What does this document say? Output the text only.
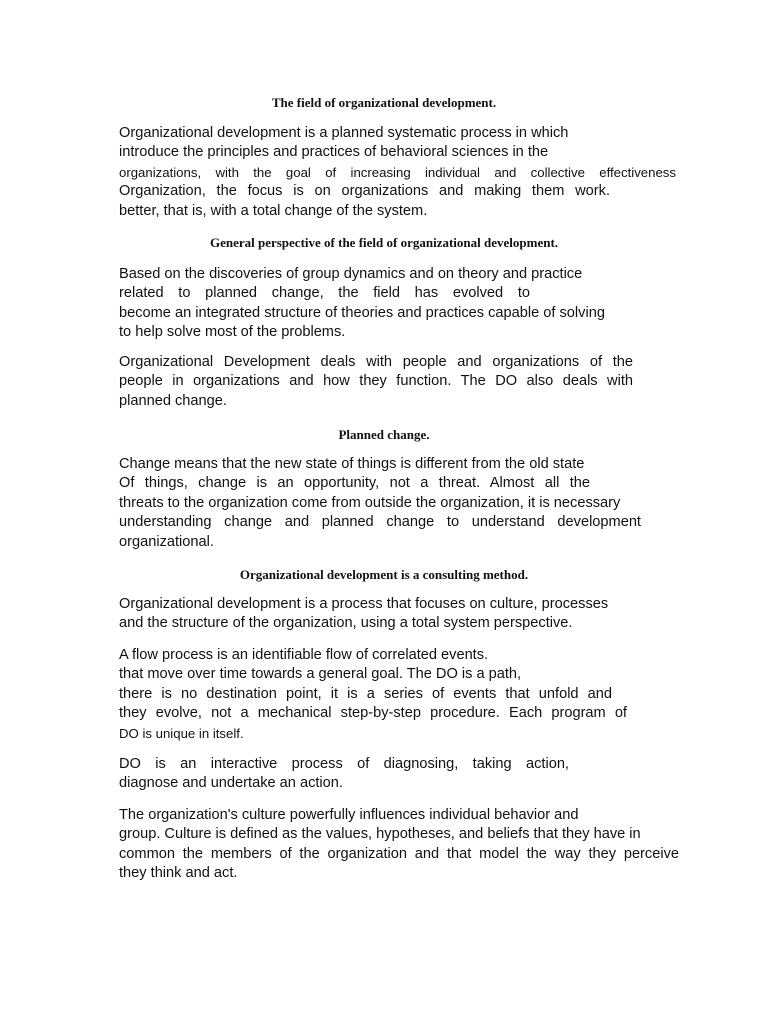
The field of organizational development.
Organizational development is a planned systematic process in which
introduce the principles and practices of behavioral sciences in the
organizations, with the goal of increasing individual and collective effectiveness
Organization, the focus is on organizations and making them work.
better, that is, with a total change of the system.
General perspective of the field of organizational development.
Based on the discoveries of group dynamics and on theory and practice
related to planned change, the field has evolved to
become an integrated structure of theories and practices capable of solving
to help solve most of the problems.
Organizational Development deals with people and organizations of the
people in organizations and how they function. The DO also deals with
planned change.
Planned change.
Change means that the new state of things is different from the old state
Of things, change is an opportunity, not a threat. Almost all the
threats to the organization come from outside the organization, it is necessary
understanding change and planned change to understand development
organizational.
Organizational development is a consulting method.
Organizational development is a process that focuses on culture, processes
and the structure of the organization, using a total system perspective.
A flow process is an identifiable flow of correlated events.
that move over time towards a general goal. The DO is a path,
there is no destination point, it is a series of events that unfold and
they evolve, not a mechanical step-by-step procedure. Each program of
DO is unique in itself.
DO is an interactive process of diagnosing, taking action,
diagnose and undertake an action.
The organization's culture powerfully influences individual behavior and
group. Culture is defined as the values, hypotheses, and beliefs that they have in
common the members of the organization and that model the way they perceive
they think and act.
